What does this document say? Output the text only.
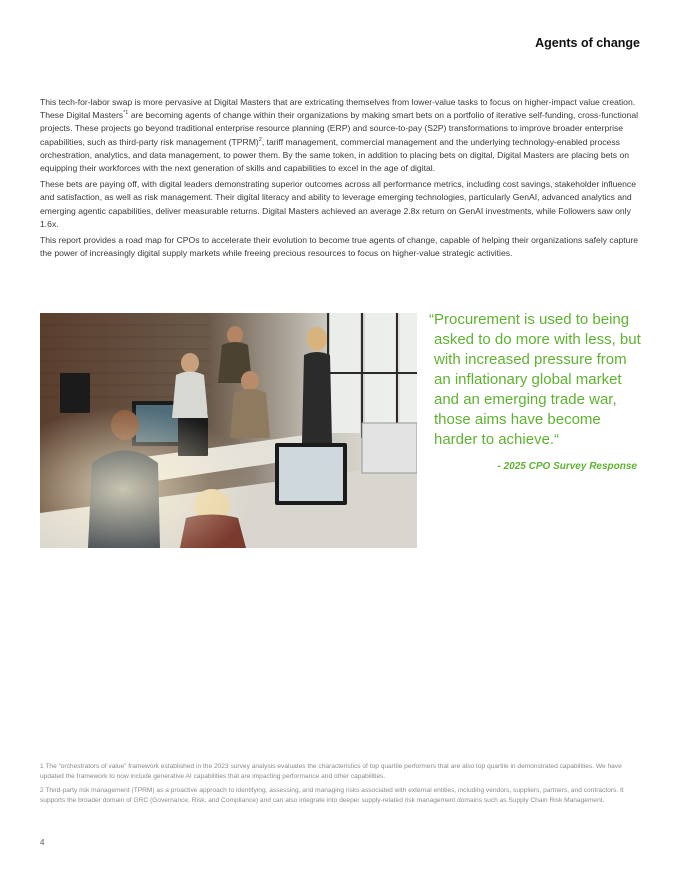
Agents of change

This tech-for-labor swap is more pervasive at Digital Masters that are extricating themselves from lower-value tasks to focus on higher-impact value creation. These Digital Masters$^{*1}$ are becoming agents of change within their organizations by making smart bets on a portfolio of iterative self-funding, cross-functional projects. These projects go beyond traditional enterprise resource planning (ERP) and source-to-pay (S2P) transformations to improve broader enterprise capabilities, such as third-party risk management (TPRM)$^2$, tariff management, commercial management and the underlying technology-enabled process orchestration, analytics, and data management, to power them. By the same token, in addition to placing bets on digital, Digital Masters are placing bets on equipping their workforces with the next generation of skills and capabilities to excel in the age of digital.

These bets are paying off, with digital leaders demonstrating superior outcomes across all performance metrics, including cost savings, stakeholder influence and satisfaction, as well as risk management. Their digital literacy and ability to leverage emerging technologies, particularly GenAI, advanced analytics and emerging agentic capabilities, deliver measurable returns. Digital Masters achieved an average 2.8x return on GenAI investments, while Followers saw only 1.6x.

This report provides a road map for CPOs to accelerate their evolution to become true agents of change, capable of helping their organizations safely capture the power of increasingly digital supply markets while freeing precious resources to focus on higher-value strategic activities.

“Procurement is used to being asked to do more with less, but with increased pressure from an inflationary global market and an emerging trade war, those aims have become harder to achieve.“
- 2025 CPO Survey Response

1 The “orchestrators of value” framework established in the 2023 survey analysis evaluates the characteristics of top quartile performers that are also top quartile in demonstrated capabilities. We have updated the framework to now include generative AI capabilities that are impacting performance and other capabilities.

2 Third-party risk management (TPRM) as a proactive approach to identifying, assessing, and managing risks associated with external entities, including vendors, suppliers, partners, and contractors. It supports the broader domain of GRC (Governance, Risk, and Compliance) and can also integrate into deeper supply-related risk management domains such as Supply Chain Risk Management.

4
